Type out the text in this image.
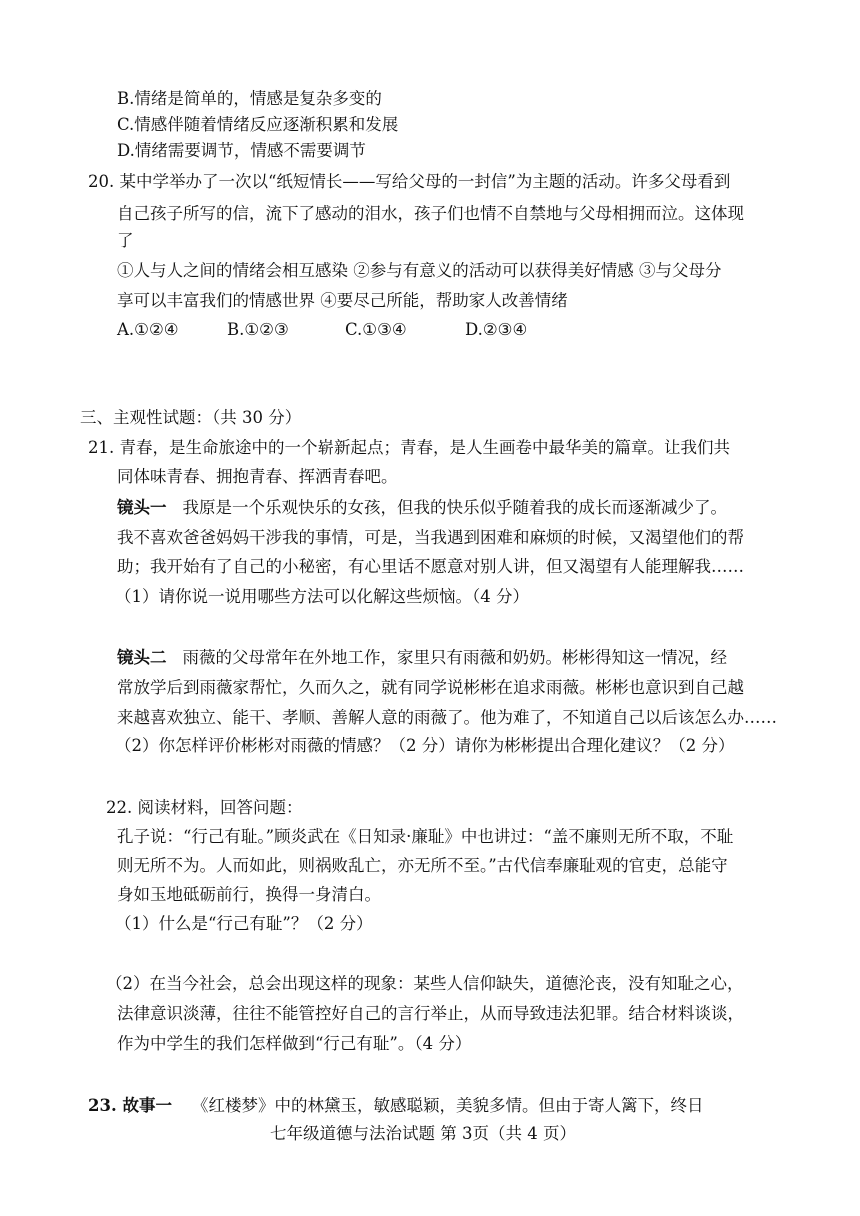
B.情绪是简单的，情感是复杂多变的
C.情感伴随着情绪反应逐渐积累和发展
D.情绪需要调节，情感不需要调节
20. 某中学举办了一次以“纸短情长——写给父母的一封信”为主题的活动。许多父母看到
自己孩子所写的信，流下了感动的泪水，孩子们也情不自禁地与父母相拥而泣。这体现
了
①人与人之间的情绪会相互感染 ②参与有意义的活动可以获得美好情感 ③与父母分
享可以丰富我们的情感世界 ④要尽己所能，帮助家人改善情绪
A.①②④	B.①②③	C.①③④	D.②③④
三、主观性试题：（共 30 分）
21. 青春，是生命旅途中的一个崭新起点；青春，是人生画卷中最华美的篇章。让我们共
同体味青春、拥抱青春、挥洒青春吧。
镜头一 我原是一个乐观快乐的女孩，但我的快乐似乎随着我的成长而逐渐减少了。
我不喜欢爸爸妈妈干涉我的事情，可是，当我遇到困难和麻烦的时候，又渴望他们的帮
助；我开始有了自己的小秘密，有心里话不愿意对别人讲，但又渴望有人能理解我……
（1）请你说一说用哪些方法可以化解这些烦恼。（4 分）
镜头二 雨薇的父母常年在外地工作，家里只有雨薇和奶奶。彬彬得知这一情况，经
常放学后到雨薇家帮忙，久而久之，就有同学说彬彬在追求雨薇。彬彬也意识到自己越
来越喜欢独立、能干、孝顺、善解人意的雨薇了。他为难了，不知道自己以后该怎么办……
（2）你怎样评价彬彬对雨薇的情感？（2 分）请你为彬彬提出合理化建议？（2 分）
22. 阅读材料，回答问题：
孔子说：“行己有耻。”顾炎武在《日知录·廉耻》中也讲过：“盖不廉则无所不取，不耻
则无所不为。人而如此，则祸败乱亡，亦无所不至。”古代信奉廉耻观的官吏，总能守
身如玉地砥砺前行，换得一身清白。
（1）什么是“行己有耻”？（2 分）
（2）在当今社会，总会出现这样的现象：某些人信仰缺失，道德沦丧，没有知耻之心，
法律意识淡薄，往往不能管控好自己的言行举止，从而导致违法犯罪。结合材料谈谈，
作为中学生的我们怎样做到“行己有耻”。（4 分）
23. 故事一 《红楼梦》中的林黛玉，敏感聪颖，美貌多情。但由于寄人篱下，终日
七年级道德与法治试题 第 3页（共 4 页）
